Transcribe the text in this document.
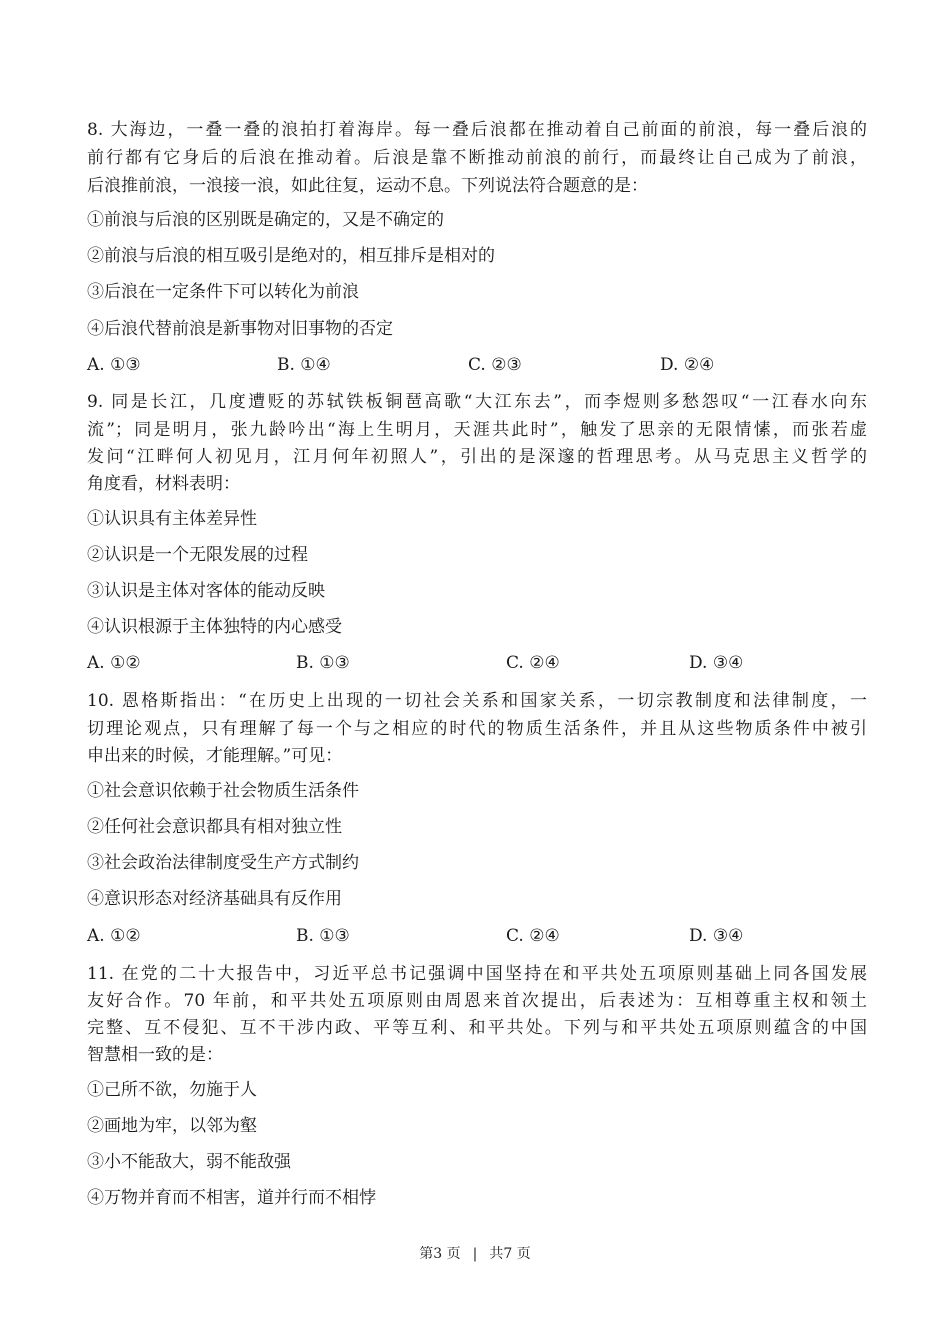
8. 大海边，一叠一叠的浪拍打着海岸。每一叠后浪都在推动着自己前面的前浪，每一叠后浪的
前行都有它身后的后浪在推动着。后浪是靠不断推动前浪的前行，而最终让自己成为了前浪，
后浪推前浪，一浪接一浪，如此往复，运动不息。下列说法符合题意的是：
①前浪与后浪的区别既是确定的，又是不确定的
②前浪与后浪的相互吸引是绝对的，相互排斥是相对的
③后浪在一定条件下可以转化为前浪
④后浪代替前浪是新事物对旧事物的否定
A. ①③	B. ①④	C. ②③	D. ②④
9. 同是长江，几度遭贬的苏轼铁板铜琶高歌“大江东去”，而李煜则多愁怨叹“一江春水向东
流”；同是明月，张九龄吟出“海上生明月，天涯共此时”，触发了思亲的无限情愫，而张若虚
发问“江畔何人初见月，江月何年初照人”，引出的是深邃的哲理思考。从马克思主义哲学的
角度看，材料表明：
①认识具有主体差异性
②认识是一个无限发展的过程
③认识是主体对客体的能动反映
④认识根源于主体独特的内心感受
A. ①②	B. ①③	C. ②④	D. ③④
10. 恩格斯指出：“在历史上出现的一切社会关系和国家关系，一切宗教制度和法律制度，一
切理论观点，只有理解了每一个与之相应的时代的物质生活条件，并且从这些物质条件中被引
申出来的时候，才能理解。”可见：
①社会意识依赖于社会物质生活条件
②任何社会意识都具有相对独立性
③社会政治法律制度受生产方式制约
④意识形态对经济基础具有反作用
A. ①②	B. ①③	C. ②④	D. ③④
11. 在党的二十大报告中，习近平总书记强调中国坚持在和平共处五项原则基础上同各国发展
友好合作。70 年前，和平共处五项原则由周恩来首次提出，后表述为：互相尊重主权和领土
完整、互不侵犯、互不干涉内政、平等互利、和平共处。下列与和平共处五项原则蕴含的中国
智慧相一致的是：
①己所不欲，勿施于人
②画地为牢，以邻为壑
③小不能敌大，弱不能敌强
④万物并育而不相害，道并行而不相悖
第3 页 | 共7 页
